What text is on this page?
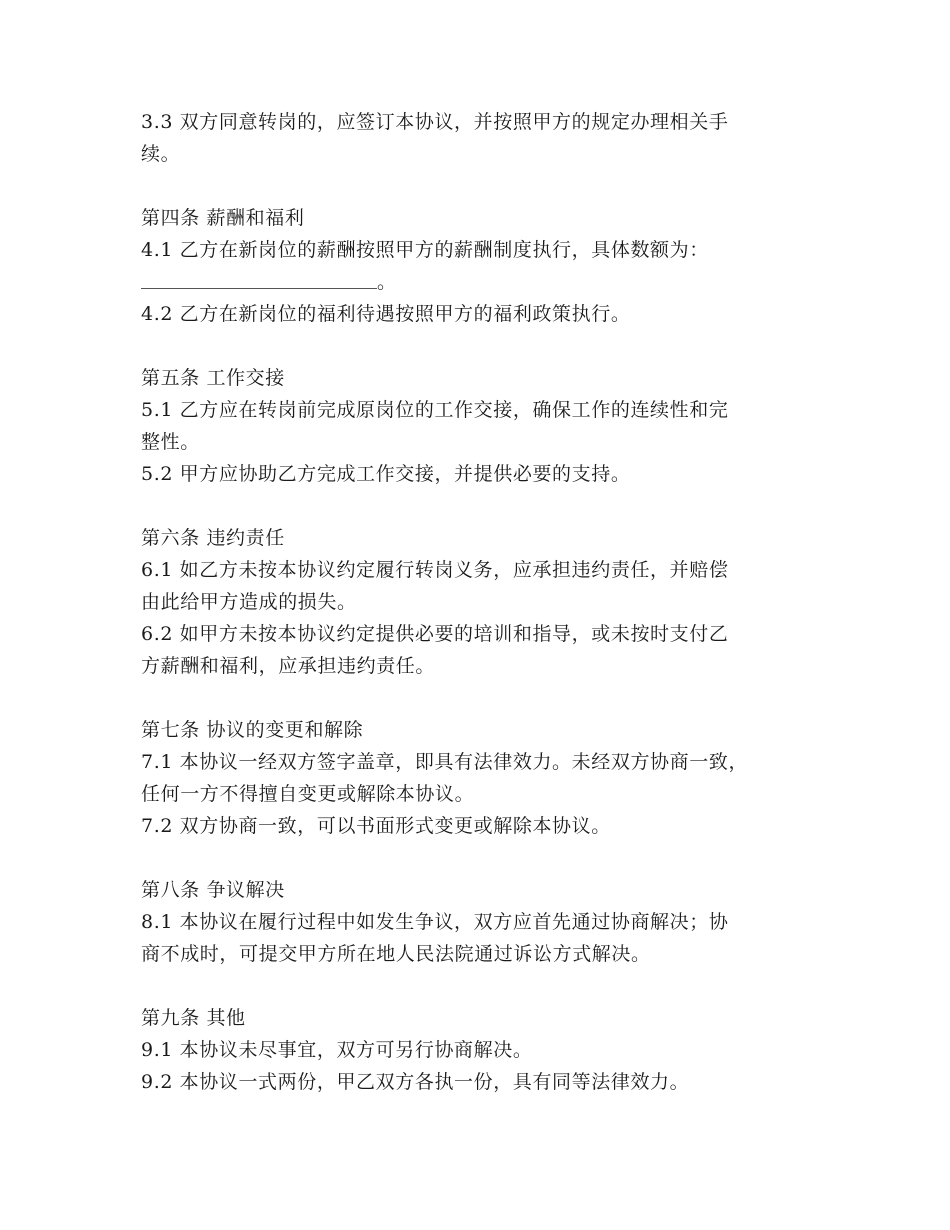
3.3 双方同意转岗的，应签订本协议，并按照甲方的规定办理相关手
续。
第四条 薪酬和福利
4.1 乙方在新岗位的薪酬按照甲方的薪酬制度执行，具体数额为：
。
4.2 乙方在新岗位的福利待遇按照甲方的福利政策执行。
第五条 工作交接
5.1 乙方应在转岗前完成原岗位的工作交接，确保工作的连续性和完
整性。
5.2 甲方应协助乙方完成工作交接，并提供必要的支持。
第六条 违约责任
6.1 如乙方未按本协议约定履行转岗义务，应承担违约责任，并赔偿
由此给甲方造成的损失。
6.2 如甲方未按本协议约定提供必要的培训和指导，或未按时支付乙
方薪酬和福利，应承担违约责任。
第七条 协议的变更和解除
7.1 本协议一经双方签字盖章，即具有法律效力。未经双方协商一致，
任何一方不得擅自变更或解除本协议。
7.2 双方协商一致，可以书面形式变更或解除本协议。
第八条 争议解决
8.1 本协议在履行过程中如发生争议，双方应首先通过协商解决；协
商不成时，可提交甲方所在地人民法院通过诉讼方式解决。
第九条 其他
9.1 本协议未尽事宜，双方可另行协商解决。
9.2 本协议一式两份，甲乙双方各执一份，具有同等法律效力。
